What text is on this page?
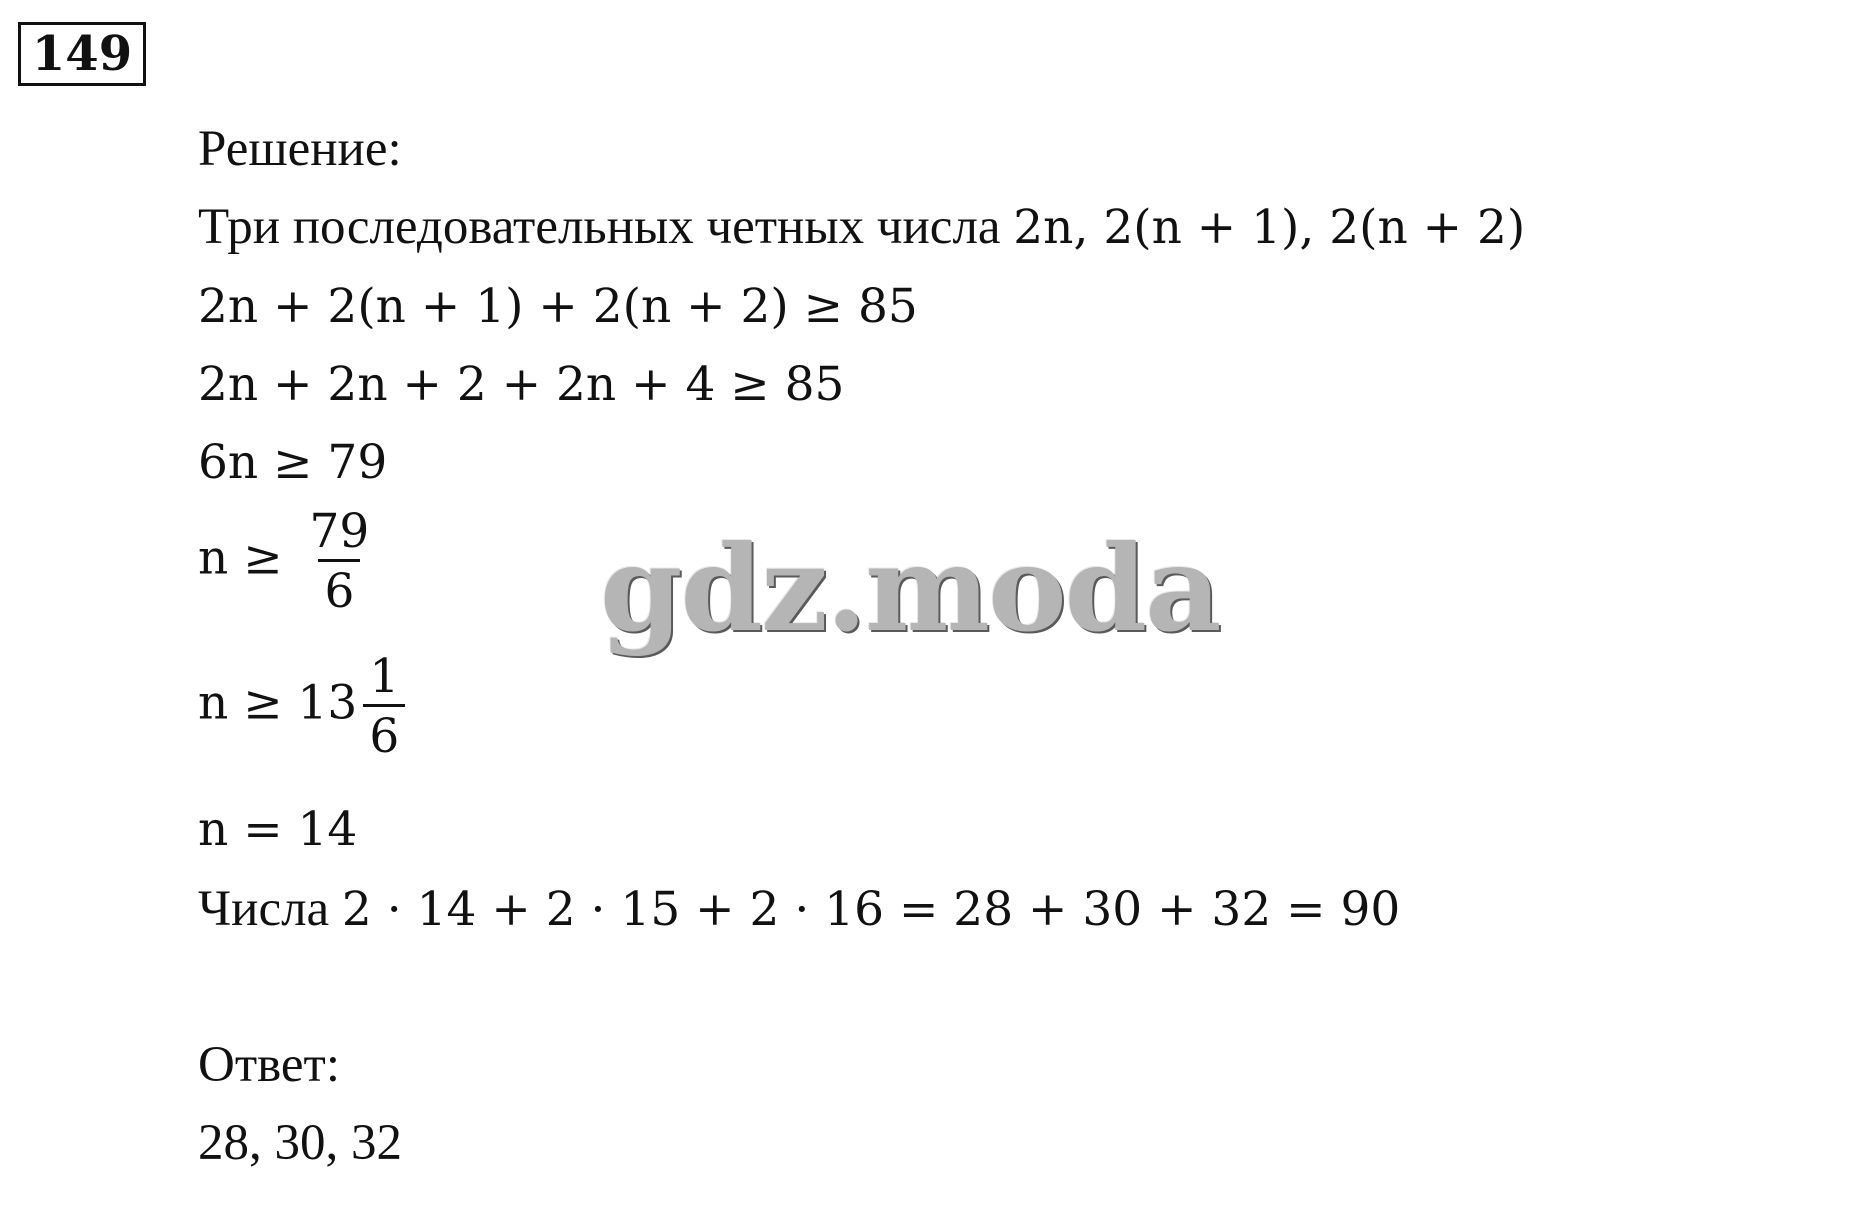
149
Решение:
Три последовательных четных числа 2n, 2(n + 1), 2(n + 2)
2n + 2(n + 1) + 2(n + 2) ≥ 85
2n + 2n + 2 + 2n + 4 ≥ 85
6n ≥ 79
$n \ge \frac{79}{6}$
$n \ge 13 \frac{1}{6}$
n = 14
Числа 2 · 14 + 2 · 15 + 2 · 16 = 28 + 30 + 32 = 90
Ответ:
28, 30, 32
gdz.moda
